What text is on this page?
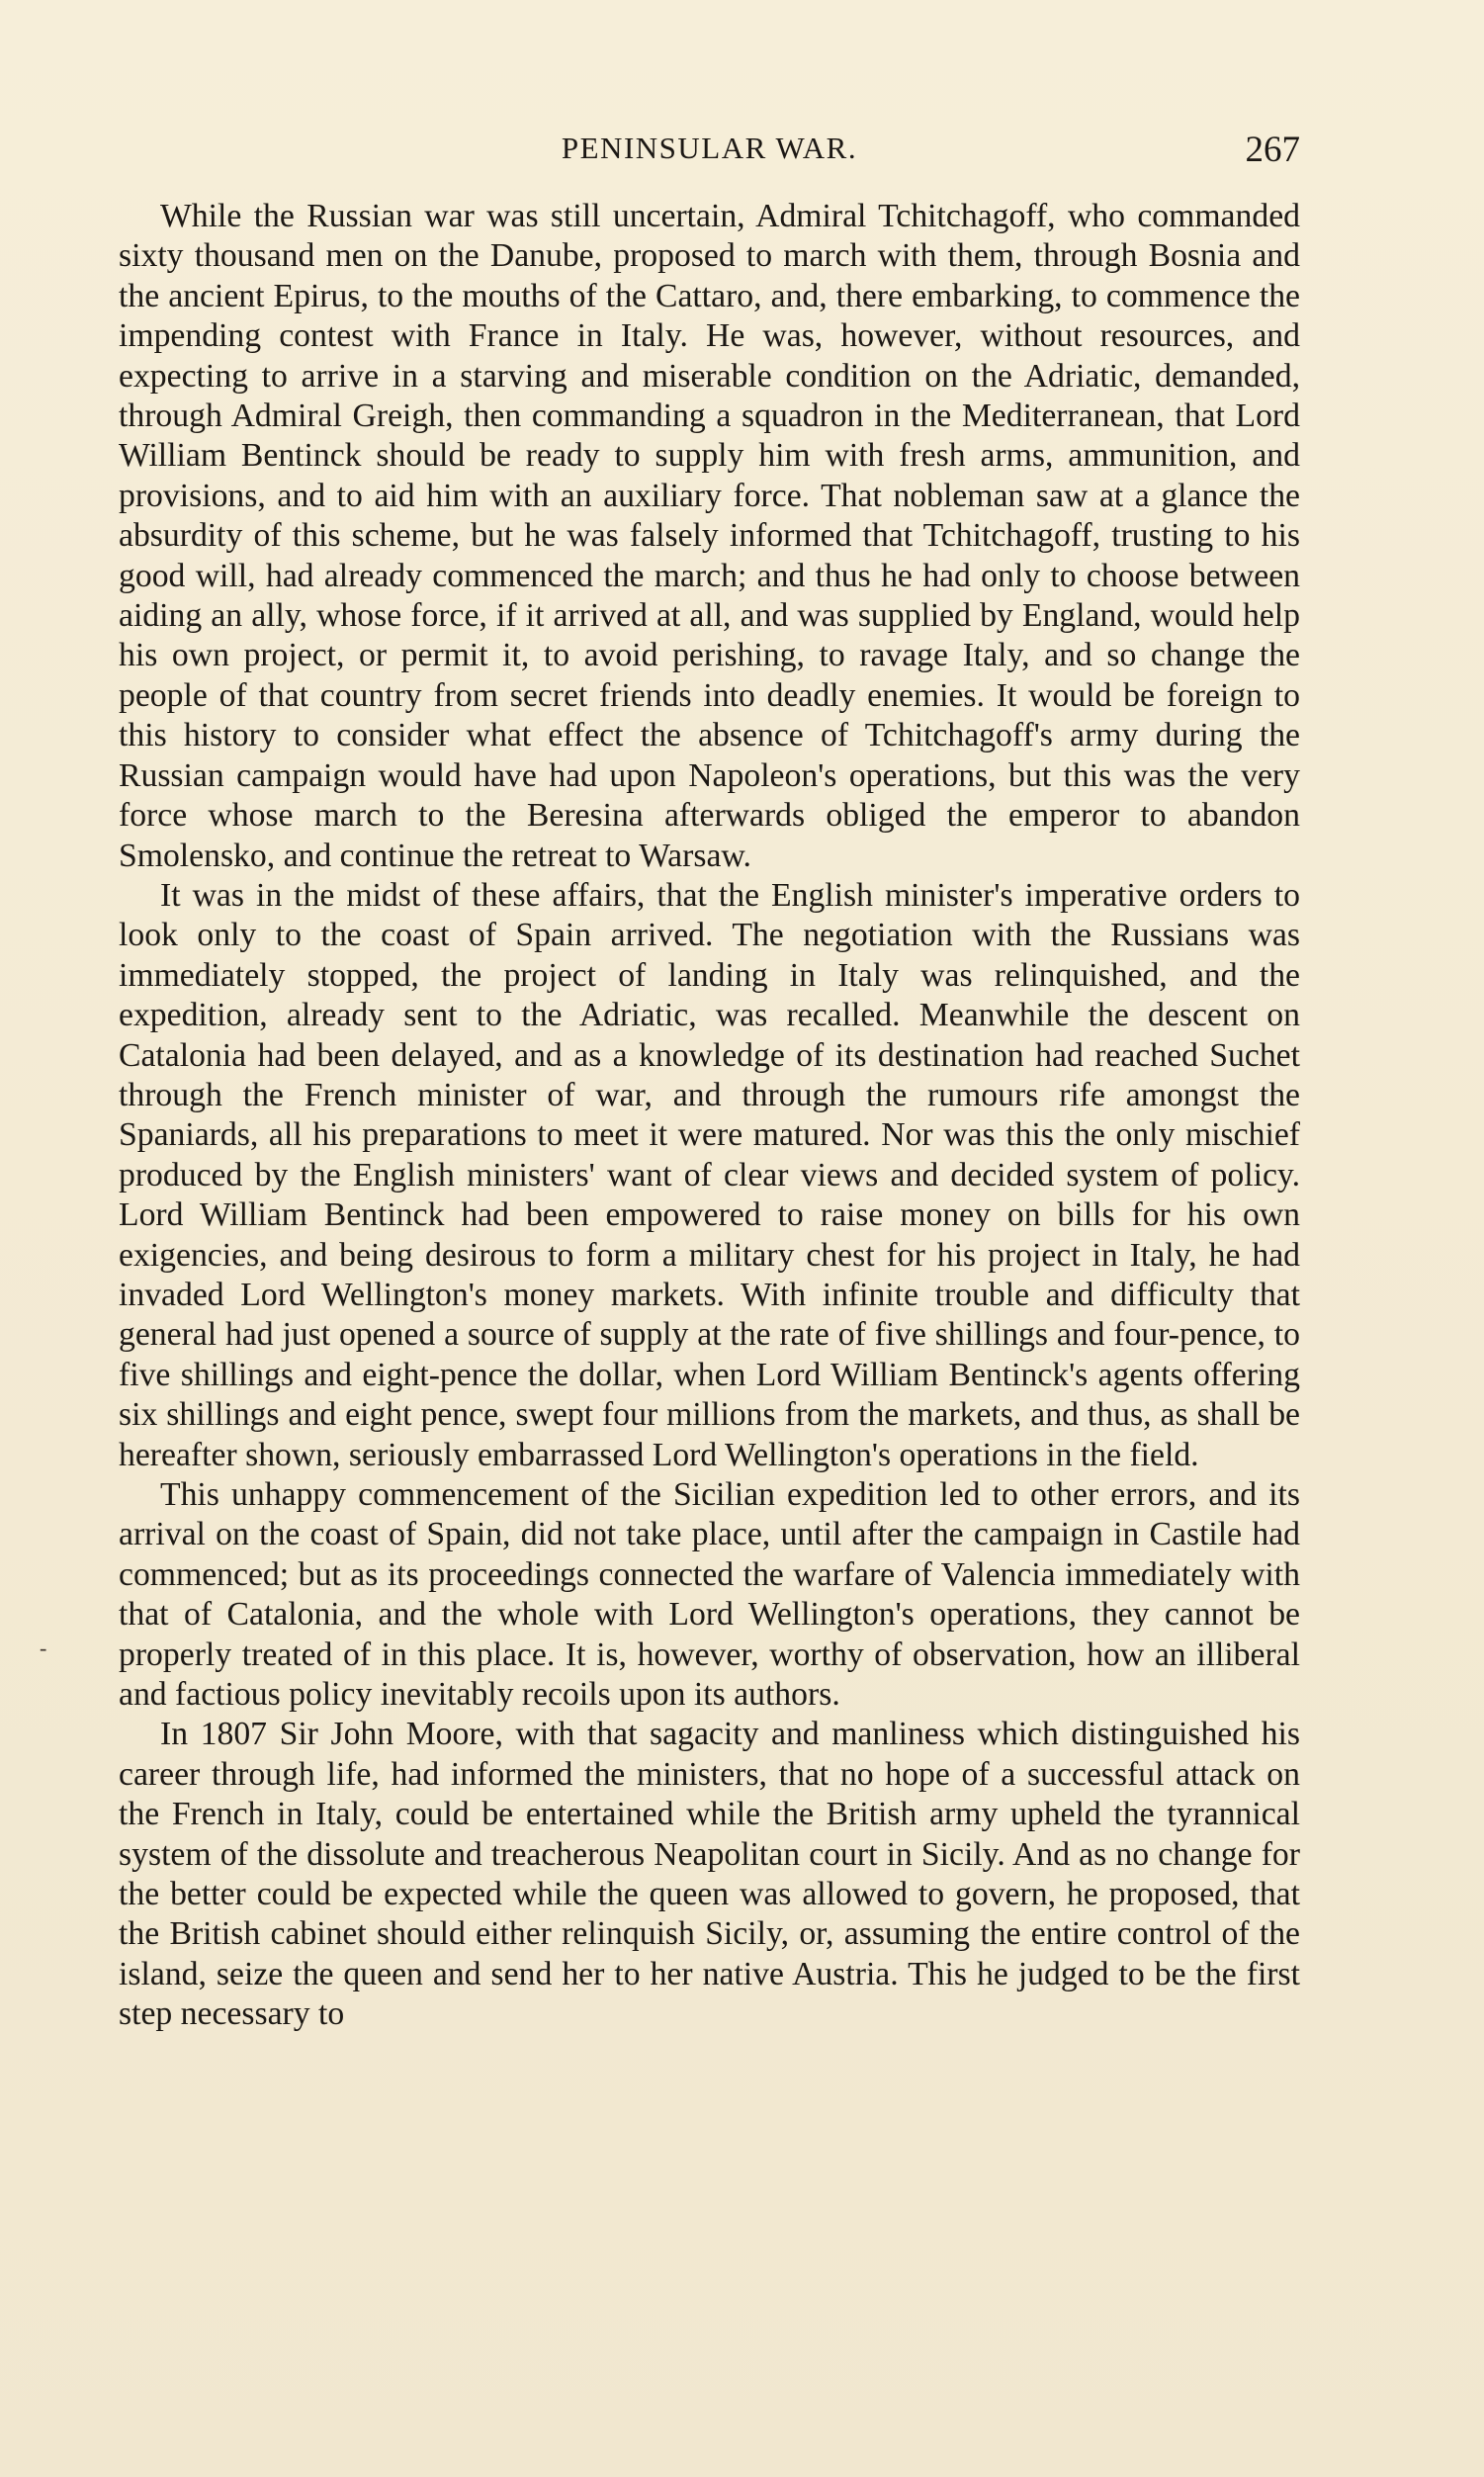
PENINSULAR WAR.	267
-

While the Russian war was still uncertain, Admiral Tchitchagoff, who commanded sixty thousand men on the Danube, proposed to march with them, through Bosnia and the ancient Epirus, to the mouths of the Cattaro, and, there embarking, to commence the impending contest with France in Italy. He was, however, without resources, and expecting to arrive in a starving and miserable condition on the Adriatic, demanded, through Admiral Greigh, then commanding a squadron in the Mediterranean, that Lord William Bentinck should be ready to supply him with fresh arms, ammunition, and provisions, and to aid him with an auxiliary force. That nobleman saw at a glance the absurdity of this scheme, but he was falsely informed that Tchitchagoff, trusting to his good will, had already commenced the march; and thus he had only to choose between aiding an ally, whose force, if it arrived at all, and was supplied by England, would help his own project, or permit it, to avoid perishing, to ravage Italy, and so change the people of that country from secret friends into deadly enemies. It would be foreign to this history to consider what effect the absence of Tchitchagoff's army during the Russian campaign would have had upon Napoleon's operations, but this was the very force whose march to the Beresina afterwards obliged the emperor to abandon Smolensko, and continue the retreat to Warsaw.

It was in the midst of these affairs, that the English minister's imperative orders to look only to the coast of Spain arrived. The negotiation with the Russians was immediately stopped, the project of landing in Italy was relinquished, and the expedition, already sent to the Adriatic, was recalled. Meanwhile the descent on Catalonia had been delayed, and as a knowledge of its destination had reached Suchet through the French minister of war, and through the rumours rife amongst the Spaniards, all his preparations to meet it were matured. Nor was this the only mischief produced by the English ministers' want of clear views and decided system of policy. Lord William Bentinck had been empowered to raise money on bills for his own exigencies, and being desirous to form a military chest for his project in Italy, he had invaded Lord Wellington's money markets. With infinite trouble and difficulty that general had just opened a source of supply at the rate of five shillings and four-pence, to five shillings and eight-pence the dollar, when Lord William Bentinck's agents offering six shillings and eight pence, swept four millions from the markets, and thus, as shall be hereafter shown, seriously embarrassed Lord Wellington's operations in the field.

This unhappy commencement of the Sicilian expedition led to other errors, and its arrival on the coast of Spain, did not take place, until after the campaign in Castile had commenced; but as its proceedings connected the warfare of Valencia immediately with that of Catalonia, and the whole with Lord Wellington's operations, they cannot be properly treated of in this place. It is, however, worthy of observation, how an illiberal and factious policy inevitably recoils upon its authors.

In 1807 Sir John Moore, with that sagacity and manliness which distinguished his career through life, had informed the ministers, that no hope of a successful attack on the French in Italy, could be entertained while the British army upheld the tyrannical system of the dissolute and treacherous Neapolitan court in Sicily. And as no change for the better could be expected while the queen was allowed to govern, he proposed, that the British cabinet should either relinquish Sicily, or, assuming the entire control of the island, seize the queen and send her to her native Austria. This he judged to be the first step necessary to
